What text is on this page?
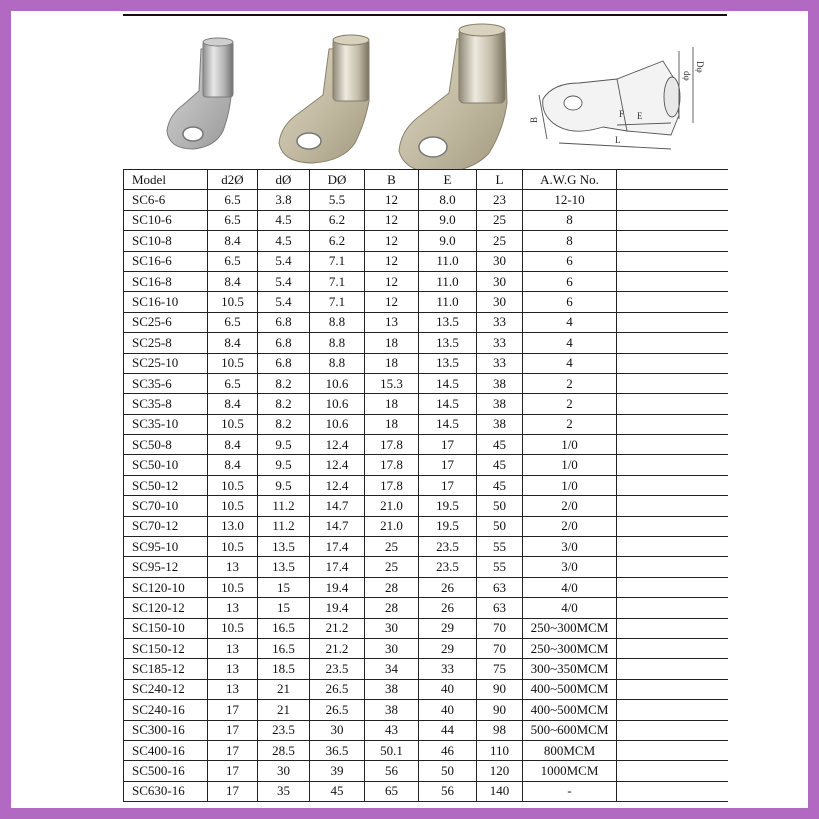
dφ
Dφ
B	E
F
L
Model	d2Ø	dØ	DØ	B	E	L	A.W.G No.	
SC6-6	6.5	3.8	5.5	12	8.0	23	12-10	
SC10-6	6.5	4.5	6.2	12	9.0	25	8	
SC10-8	8.4	4.5	6.2	12	9.0	25	8	
SC16-6	6.5	5.4	7.1	12	11.0	30	6	
SC16-8	8.4	5.4	7.1	12	11.0	30	6	
SC16-10	10.5	5.4	7.1	12	11.0	30	6	
SC25-6	6.5	6.8	8.8	13	13.5	33	4	
SC25-8	8.4	6.8	8.8	18	13.5	33	4	
SC25-10	10.5	6.8	8.8	18	13.5	33	4	
SC35-6	6.5	8.2	10.6	15.3	14.5	38	2	
SC35-8	8.4	8.2	10.6	18	14.5	38	2	
SC35-10	10.5	8.2	10.6	18	14.5	38	2	
SC50-8	8.4	9.5	12.4	17.8	17	45	1/0	
SC50-10	8.4	9.5	12.4	17.8	17	45	1/0	
SC50-12	10.5	9.5	12.4	17.8	17	45	1/0	
SC70-10	10.5	11.2	14.7	21.0	19.5	50	2/0	
SC70-12	13.0	11.2	14.7	21.0	19.5	50	2/0	
SC95-10	10.5	13.5	17.4	25	23.5	55	3/0	
SC95-12	13	13.5	17.4	25	23.5	55	3/0	
SC120-10	10.5	15	19.4	28	26	63	4/0	
SC120-12	13	15	19.4	28	26	63	4/0	
SC150-10	10.5	16.5	21.2	30	29	70	250~300MCM	
SC150-12	13	16.5	21.2	30	29	70	250~300MCM	
SC185-12	13	18.5	23.5	34	33	75	300~350MCM	
SC240-12	13	21	26.5	38	40	90	400~500MCM	
SC240-16	17	21	26.5	38	40	90	400~500MCM	
SC300-16	17	23.5	30	43	44	98	500~600MCM	
SC400-16	17	28.5	36.5	50.1	46	110	800MCM	
SC500-16	17	30	39	56	50	120	1000MCM	
SC630-16	17	35	45	65	56	140	-	
